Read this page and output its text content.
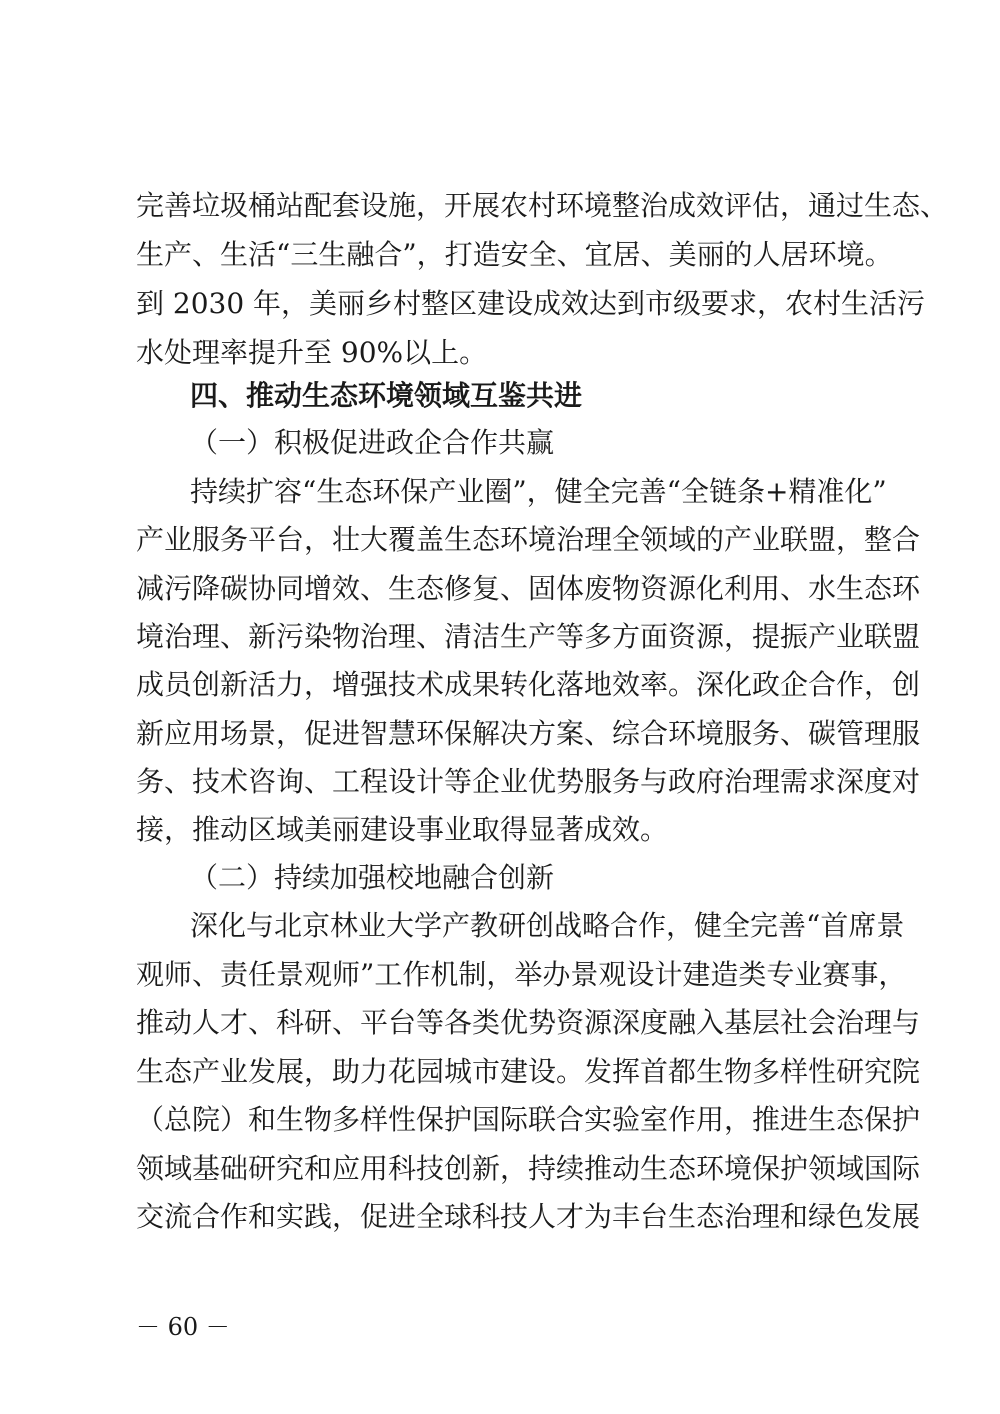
完善垃圾桶站配套设施，开展农村环境整治成效评估，通过生态、
生产、生活“三生融合”，打造安全、宜居、美丽的人居环境。
到 2030 年，美丽乡村整区建设成效达到市级要求，农村生活污
水处理率提升至 90%以上。
四、推动生态环境领域互鉴共进
（一）积极促进政企合作共赢
持续扩容“生态环保产业圈”，健全完善“全链条+精准化”
产业服务平台，壮大覆盖生态环境治理全领域的产业联盟，整合
减污降碳协同增效、生态修复、固体废物资源化利用、水生态环
境治理、新污染物治理、清洁生产等多方面资源，提振产业联盟
成员创新活力，增强技术成果转化落地效率。深化政企合作，创
新应用场景，促进智慧环保解决方案、综合环境服务、碳管理服
务、技术咨询、工程设计等企业优势服务与政府治理需求深度对
接，推动区域美丽建设事业取得显著成效。
（二）持续加强校地融合创新
深化与北京林业大学产教研创战略合作，健全完善“首席景
观师、责任景观师”工作机制，举办景观设计建造类专业赛事，
推动人才、科研、平台等各类优势资源深度融入基层社会治理与
生态产业发展，助力花园城市建设。发挥首都生物多样性研究院
（总院）和生物多样性保护国际联合实验室作用，推进生态保护
领域基础研究和应用科技创新，持续推动生态环境保护领域国际
交流合作和实践，促进全球科技人才为丰台生态治理和绿色发展
－ 60 －
